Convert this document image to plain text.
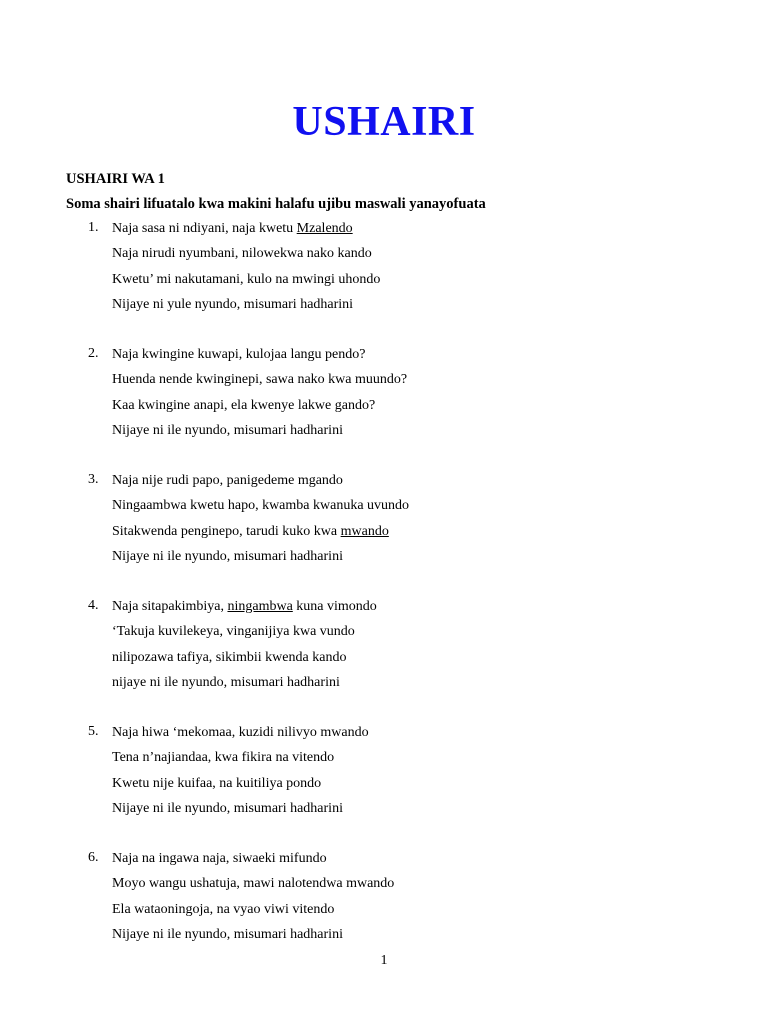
USHAIRI

USHAIRI WA 1

Soma shairi lifuatalo kwa makini halafu ujibu maswali yanayofuata

1. Naja sasa ni ndiyani, naja kwetu Mzalendo
Naja nirudi nyumbani, nilowekwa nako kando
Kwetu’ mi nakutamani, kulo na mwingi uhondo
Nijaye ni yule nyundo, misumari hadharini
2. Naja kwingine kuwapi, kulojaa langu pendo?
Huenda nende kwinginepi, sawa nako kwa muundo?
Kaa kwingine anapi, ela kwenye lakwe gando?
Nijaye ni ile nyundo, misumari hadharini
3. Naja nije rudi papo, panigedeme mgando
Ningaambwa kwetu hapo, kwamba kwanuka uvundo
Sitakwenda penginepo, tarudi kuko kwa mwando
Nijaye ni ile nyundo, misumari hadharini
4. Naja sitapakimbiya, ningambwa kuna vimondo
‘Takuja kuvilekeya, vinganijiya kwa vundo
nilipozawa tafiya, sikimbii kwenda kando
nijaye ni ile nyundo, misumari hadharini
5. Naja hiwa ‘mekomaa, kuzidi nilivyo mwando
Tena n’najiandaa, kwa fikira na vitendo
Kwetu nije kuifaa, na kuitiliya pondo
Nijaye ni ile nyundo, misumari hadharini
6. Naja na ingawa naja, siwaeki mifundo
Moyo wangu ushatuja, mawi nalotendwa mwando
Ela wataoningoja, na vyao viwi vitendo
Nijaye ni ile nyundo, misumari hadharini
1
